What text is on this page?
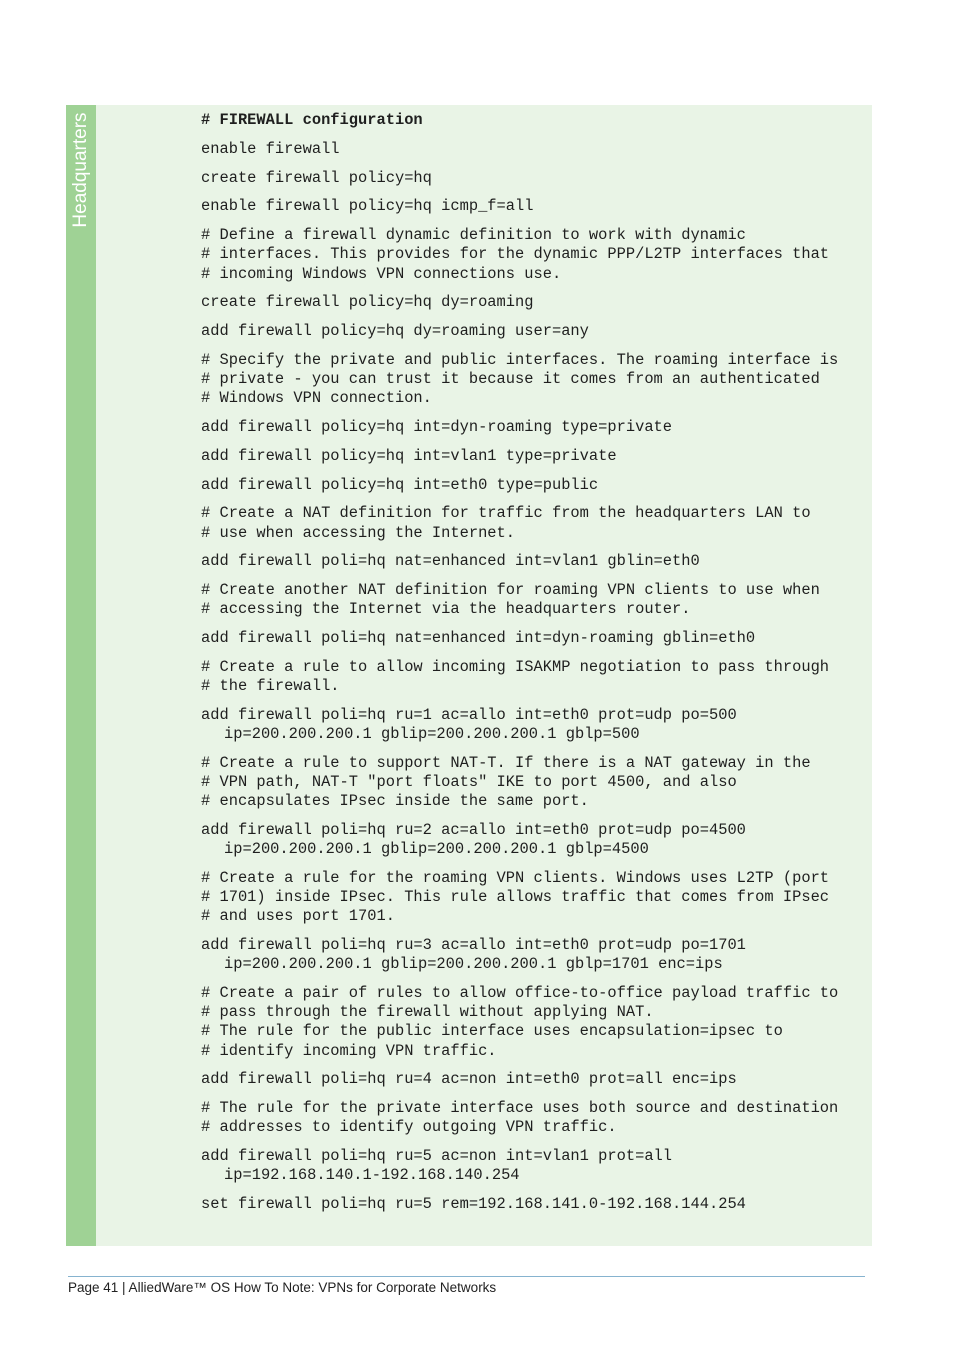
Headquarters	# FIREWALL configuration
enable firewall
create firewall policy=hq
enable firewall policy=hq icmp_f=all
# Define a firewall dynamic definition to work with dynamic
# interfaces. This provides for the dynamic PPP/L2TP interfaces that
# incoming Windows VPN connections use.
create firewall policy=hq dy=roaming
add firewall policy=hq dy=roaming user=any
# Specify the private and public interfaces. The roaming interface is
# private - you can trust it because it comes from an authenticated
# Windows VPN connection.
add firewall policy=hq int=dyn-roaming type=private
add firewall policy=hq int=vlan1 type=private
add firewall policy=hq int=eth0 type=public
# Create a NAT definition for traffic from the headquarters LAN to
# use when accessing the Internet.
add firewall poli=hq nat=enhanced int=vlan1 gblin=eth0
# Create another NAT definition for roaming VPN clients to use when
# accessing the Internet via the headquarters router.
add firewall poli=hq nat=enhanced int=dyn-roaming gblin=eth0
# Create a rule to allow incoming ISAKMP negotiation to pass through
# the firewall.
add firewall poli=hq ru=1 ac=allo int=eth0 prot=udp po=500
ip=200.200.200.1 gblip=200.200.200.1 gblp=500
# Create a rule to support NAT-T. If there is a NAT gateway in the
# VPN path, NAT-T "port floats" IKE to port 4500, and also
# encapsulates IPsec inside the same port.
add firewall poli=hq ru=2 ac=allo int=eth0 prot=udp po=4500
ip=200.200.200.1 gblip=200.200.200.1 gblp=4500
# Create a rule for the roaming VPN clients. Windows uses L2TP (port
# 1701) inside IPsec. This rule allows traffic that comes from IPsec
# and uses port 1701.
add firewall poli=hq ru=3 ac=allo int=eth0 prot=udp po=1701
ip=200.200.200.1 gblip=200.200.200.1 gblp=1701 enc=ips
# Create a pair of rules to allow office-to-office payload traffic to
# pass through the firewall without applying NAT.
# The rule for the public interface uses encapsulation=ipsec to
# identify incoming VPN traffic.
add firewall poli=hq ru=4 ac=non int=eth0 prot=all enc=ips
# The rule for the private interface uses both source and destination
# addresses to identify outgoing VPN traffic.
add firewall poli=hq ru=5 ac=non int=vlan1 prot=all
ip=192.168.140.1-192.168.140.254
set firewall poli=hq ru=5 rem=192.168.141.0-192.168.144.254
Page 41 | AlliedWare™ OS How To Note: VPNs for Corporate Networks
